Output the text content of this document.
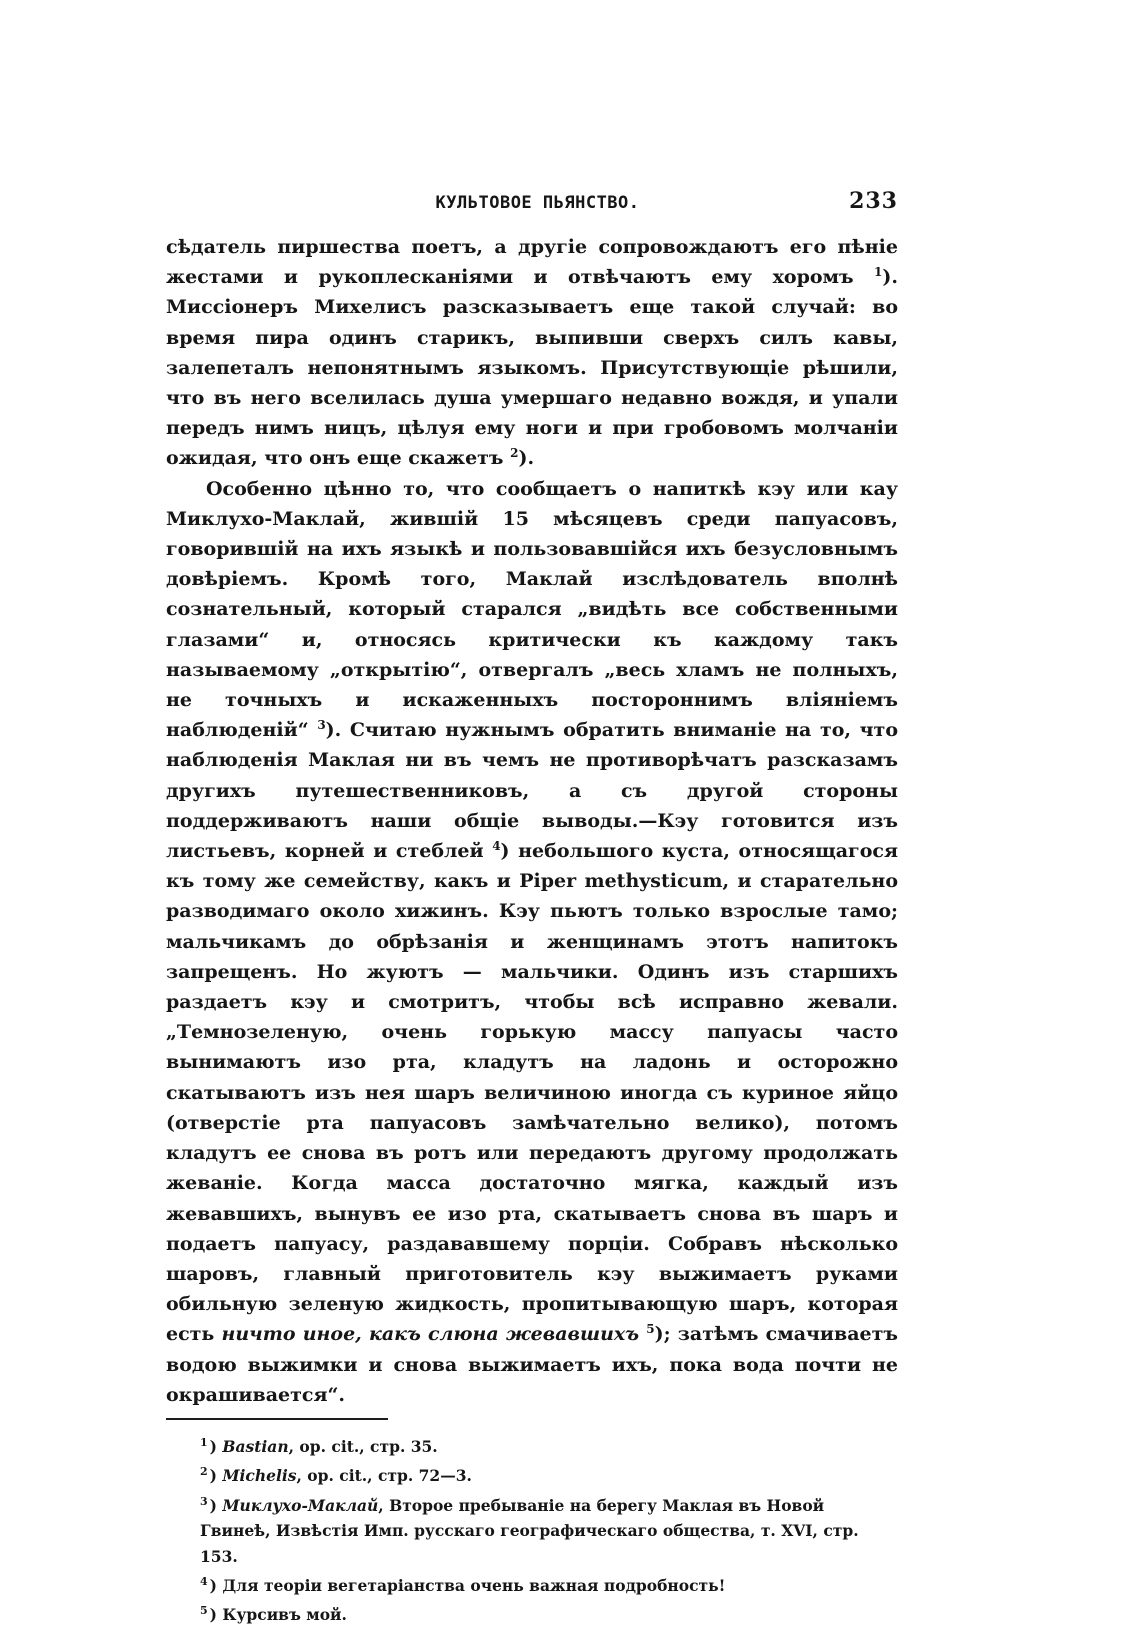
КУЛЬТОВОЕ ПЬЯНСТВО.	233

сѣдатель пиршества поетъ, а другіе сопровождаютъ его пѣніе жестами и рукоплесканіями и отвѣчаютъ ему хоромъ $^1$). Миссіонеръ Михелисъ разсказываетъ еще такой случай: во время пира одинъ старикъ, выпивши сверхъ силъ кавы, залепеталъ непонятнымъ языкомъ. Присутствующіе рѣшили, что въ него вселилась душа умершаго недавно вождя, и упали передъ нимъ ницъ, цѣлуя ему ноги и при гробовомъ молчаніи ожидая, что онъ еще скажетъ $^2$).

Особенно цѣнно то, что сообщаетъ о напиткѣ кэу или кау Миклухо-Маклай, жившій 15 мѣсяцевъ среди папуасовъ, говорившій на ихъ языкѣ и пользовавшійся ихъ безусловнымъ довѣріемъ. Кромѣ того, Маклай изслѣдователь вполнѣ сознательный, который старался „видѣть все собственными глазами“ и, относясь критически къ каждому такъ называемому „открытію“, отвергалъ „весь хламъ не полныхъ, не точныхъ и искаженныхъ постороннимъ вліяніемъ наблюденій“ $^3$). Считаю нужнымъ обратить вниманіе на то, что наблюденія Маклая ни въ чемъ не противорѣчатъ разсказамъ другихъ путешественниковъ, а съ другой стороны поддерживаютъ наши общіе выводы.—Кэу готовится изъ листьевъ, корней и стеблей $^4$) небольшого куста, относящагося къ тому же семейству, какъ и Piper methysticum, и старательно разводимаго около хижинъ. Кэу пьютъ только взрослые тамо; мальчикамъ до обрѣзанія и женщинамъ этотъ напитокъ запрещенъ. Но жуютъ — мальчики. Одинъ изъ старшихъ раздаетъ кэу и смотритъ, чтобы всѣ исправно жевали. „Темнозеленую, очень горькую массу папуасы часто вынимаютъ изо рта, кладутъ на ладонь и осторожно скатываютъ изъ нея шаръ величиною иногда съ куриное яйцо (отверстіе рта папуасовъ замѣчательно велико), потомъ кладутъ ее снова въ ротъ или передаютъ другому продолжать жеваніе. Когда масса достаточно мягка, каждый изъ жевавшихъ, вынувъ ее изо рта, скатываетъ снова въ шаръ и подаетъ папуасу, раздававшему порціи. Собравъ нѣсколько шаровъ, главный приготовитель кэу выжимаетъ руками обильную зеленую жидкость, пропитывающую шаръ, которая есть ничто иное, какъ слюна жевавшихъ $^5$); затѣмъ смачиваетъ водою выжимки и снова выжимаетъ ихъ, пока вода почти не окрашивается“.

$^1$ ) Bastian, op. cit., стр. 35.

$^2$ ) Michelis, op. cit., стр. 72—3.

$^3$ ) Миклухо-Маклай, Второе пребываніе на берегу Маклая въ Новой Гвинеѣ, Извѣстія Имп. русскаго географическаго общества, т. XVI, стр. 153.

$^4$ ) Для теоріи вегетаріанства очень важная подробность!

$^5$ ) Курсивъ мой.
